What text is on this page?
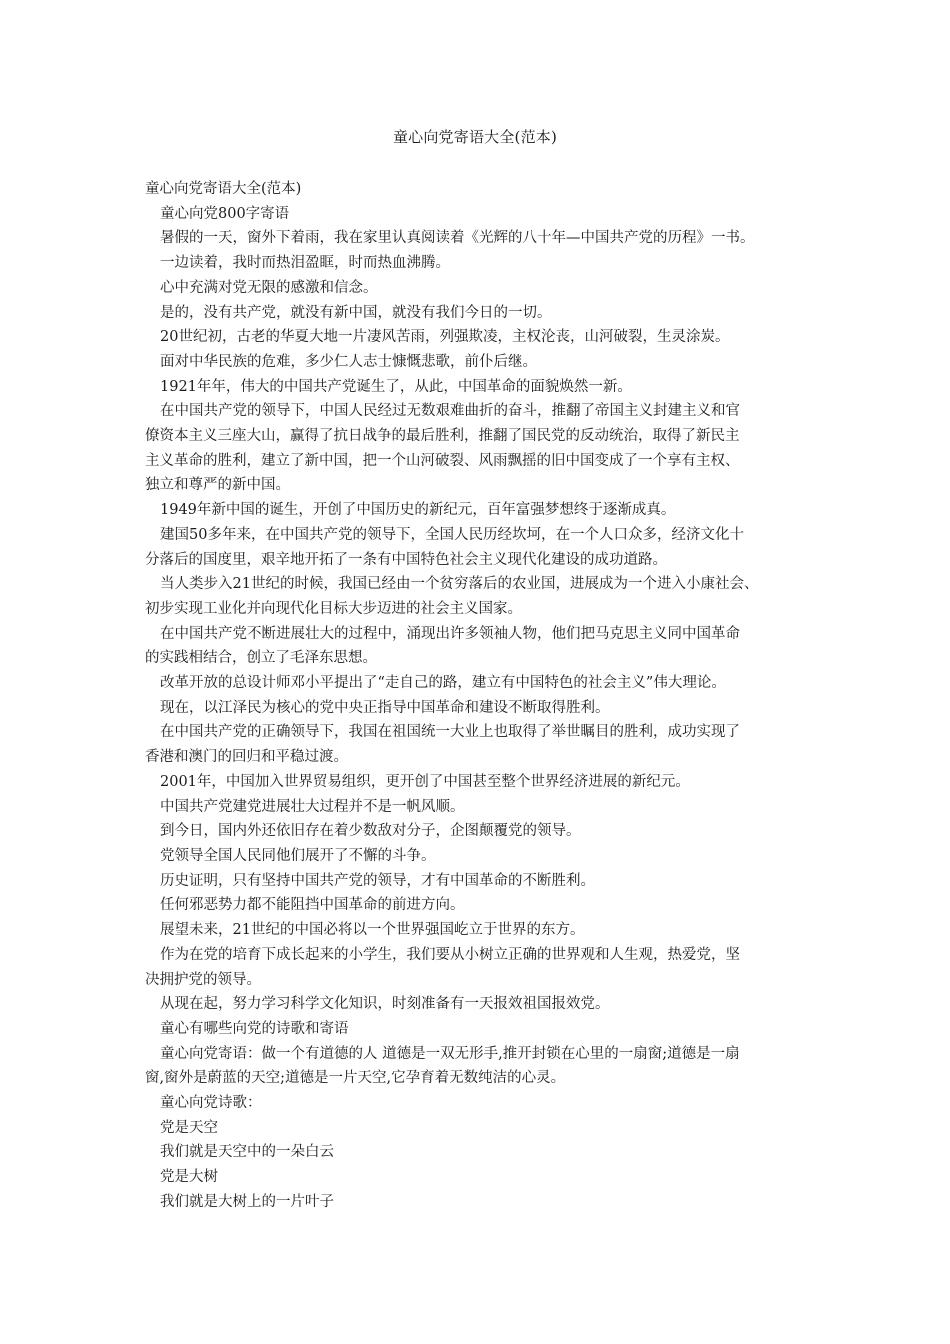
童心向党寄语大全(范本)

童心向党寄语大全(范本)

童心向党800字寄语

暑假的一天，窗外下着雨，我在家里认真阅读着《光辉的八十年—中国共产党的历程》一书。

一边读着，我时而热泪盈眶，时而热血沸腾。

心中充满对党无限的感激和信念。

是的，没有共产党，就没有新中国，就没有我们今日的一切。

20世纪初，古老的华夏大地一片凄风苦雨，列强欺凌，主权沦丧，山河破裂，生灵涂炭。

面对中华民族的危难，多少仁人志士慷慨悲歌，前仆后继。

1921年年，伟大的中国共产党诞生了，从此，中国革命的面貌焕然一新。

在中国共产党的领导下，中国人民经过无数艰难曲折的奋斗，推翻了帝国主义封建主义和官

僚资本主义三座大山，赢得了抗日战争的最后胜利，推翻了国民党的反动统治，取得了新民主

主义革命的胜利，建立了新中国，把一个山河破裂、风雨飘摇的旧中国变成了一个享有主权、

独立和尊严的新中国。

1949年新中国的诞生，开创了中国历史的新纪元，百年富强梦想终于逐渐成真。

建国50多年来，在中国共产党的领导下，全国人民历经坎坷，在一个人口众多，经济文化十

分落后的国度里，艰辛地开拓了一条有中国特色社会主义现代化建设的成功道路。

当人类步入21世纪的时候，我国已经由一个贫穷落后的农业国，进展成为一个进入小康社会、

初步实现工业化并向现代化目标大步迈进的社会主义国家。

在中国共产党不断进展壮大的过程中，涌现出许多领袖人物，他们把马克思主义同中国革命

的实践相结合，创立了毛泽东思想。

改革开放的总设计师邓小平提出了“走自己的路，建立有中国特色的社会主义”伟大理论。

现在，以江泽民为核心的党中央正指导中国革命和建设不断取得胜利。

在中国共产党的正确领导下，我国在祖国统一大业上也取得了举世瞩目的胜利，成功实现了

香港和澳门的回归和平稳过渡。

2001年，中国加入世界贸易组织，更开创了中国甚至整个世界经济进展的新纪元。

中国共产党建党进展壮大过程并不是一帆风顺。

到今日，国内外还依旧存在着少数敌对分子，企图颠覆党的领导。

党领导全国人民同他们展开了不懈的斗争。

历史证明，只有坚持中国共产党的领导，才有中国革命的不断胜利。

任何邪恶势力都不能阻挡中国革命的前进方向。

展望未来，21世纪的中国必将以一个世界强国屹立于世界的东方。

作为在党的培育下成长起来的小学生，我们要从小树立正确的世界观和人生观，热爱党，坚

决拥护党的领导。

从现在起，努力学习科学文化知识，时刻准备有一天报效祖国报效党。

童心有哪些向党的诗歌和寄语

童心向党寄语：做一个有道德的人 道德是一双无形手,推开封锁在心里的一扇窗;道德是一扇

窗,窗外是蔚蓝的天空;道德是一片天空,它孕育着无数纯洁的心灵。

童心向党诗歌：

党是天空

我们就是天空中的一朵白云

党是大树

我们就是大树上的一片叶子
